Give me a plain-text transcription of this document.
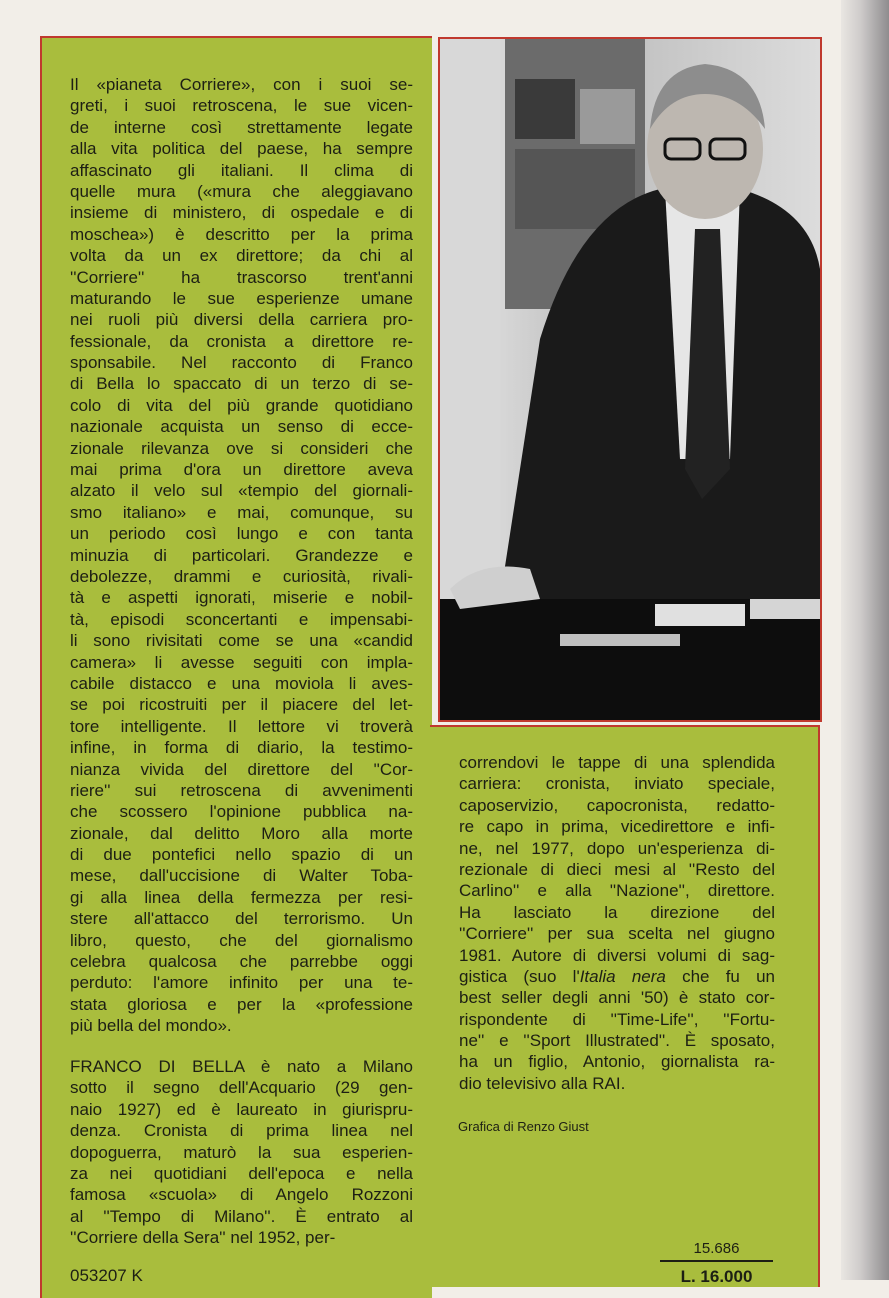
Il «pianeta Corriere», con i suoi se-
greti, i suoi retroscena, le sue vicen-
de interne così strettamente legate
alla vita politica del paese, ha sempre
affascinato gli italiani. Il clima di
quelle mura («mura che aleggiavano
insieme di ministero, di ospedale e di
moschea») è descritto per la prima
volta da un ex direttore; da chi al
''Corriere'' ha trascorso trent'anni
maturando le sue esperienze umane
nei ruoli più diversi della carriera pro-
fessionale, da cronista a direttore re-
sponsabile. Nel racconto di Franco
di Bella lo spaccato di un terzo di se-
colo di vita del più grande quotidiano
nazionale acquista un senso di ecce-
zionale rilevanza ove si consideri che
mai prima d'ora un direttore aveva
alzato il velo sul «tempio del giornali-
smo italiano» e mai, comunque, su
un periodo così lungo e con tanta
minuzia di particolari. Grandezze e
debolezze, drammi e curiosità, rivali-
tà e aspetti ignorati, miserie e nobil-
tà, episodi sconcertanti e impensabi-
li sono rivisitati come se una «candid
camera» li avesse seguiti con impla-
cabile distacco e una moviola li aves-
se poi ricostruiti per il piacere del let-
tore intelligente. Il lettore vi troverà
infine, in forma di diario, la testimo-
nianza vivida del direttore del ''Cor-
riere'' sui retroscena di avvenimenti
che scossero l'opinione pubblica na-
zionale, dal delitto Moro alla morte
di due pontefici nello spazio di un
mese, dall'uccisione di Walter Toba-
gi alla linea della fermezza per resi-
stere all'attacco del terrorismo. Un
libro, questo, che del giornalismo
celebra qualcosa che parrebbe oggi
perduto: l'amore infinito per una te-
stata gloriosa e per la «professione
più bella del mondo».
FRANCO DI BELLA è nato a Milano
sotto il segno dell'Acquario (29 gen-
naio 1927) ed è laureato in giurispru-
denza. Cronista di prima linea nel
dopoguerra, maturò la sua esperien-
za nei quotidiani dell'epoca e nella
famosa «scuola» di Angelo Rozzoni
al ''Tempo di Milano''. È entrato al
''Corriere della Sera'' nel 1952, per-
correndovi le tappe di una splendida
carriera: cronista, inviato speciale,
caposervizio, capocronista, redatto-
re capo in prima, vicedirettore e infi-
ne, nel 1977, dopo un'esperienza di-
rezionale di dieci mesi al ''Resto del
Carlino'' e alla ''Nazione'', direttore.
Ha lasciato la direzione del
''Corriere'' per sua scelta nel giugno
1981. Autore di diversi volumi di sag-
gistica (suo l'Italia nera che fu un
best seller degli anni '50) è stato cor-
rispondente di ''Time-Life'', ''Fortu-
ne'' e ''Sport Illustrated''. È sposato,
ha un figlio, Antonio, giornalista ra-
dio televisivo alla RAI.
Grafica di Renzo Giust
053207 K
15.686
L. 16.000
